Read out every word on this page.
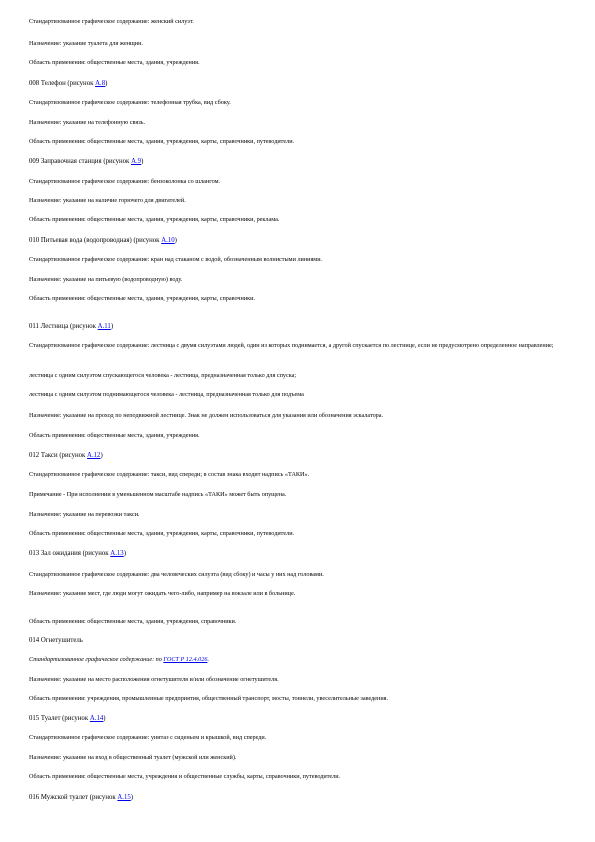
Стандартизованное графическое содержание: женский силуэт.
Назначение: указание туалета для женщин.
Область применения: общественные места, здания, учреждения.
008 Телефон (рисунок А.8)
Стандартизованное графическое содержание: телефонная трубка, вид сбоку.
Назначение: указание на телефонную связь.
Область применения: общественные места, здания, учреждения, карты, справочники, путеводители.
009 Заправочная станция (рисунок А.9)
Стандартизованное графическое содержание: бензоколонка со шлангом.
Назначение: указание на наличие горючего для двигателей.
Область применения: общественные места, здания, учреждения, карты, справочники, реклама.
010 Питьевая вода (водопроводная) (рисунок А.10)
Стандартизованное графическое содержание: кран над стаканом с водой, обозначенным волнистыми линиями.
Назначение: указание на питьевую (водопроводную) воду.
Область применения: общественные места, здания, учреждения, карты, справочники.
011 Лестница (рисунок А.11)
Стандартизованное графическое содержание: лестница с двумя силуэтами людей, один из которых поднимается, а другой спускается по лестнице, если не предусмотрено определенное направление;
лестница с одним силуэтом спускающегося человека - лестница, предназначенная только для спуска;
лестница с одним силуэтом поднимающегося человека - лестница, предназначенная только для подъема
Назначение: указание на проход по неподвижной лестнице. Знак не должен использоваться для указания или обозначения эскалатора.
Область применения: общественные места, здания, учреждения.
012 Такси (рисунок А.12)
Стандартизованное графическое содержание: такси, вид спереди; в состав знака входит надпись «ТАКИ».
Примечание - При исполнении в уменьшенном масштабе надпись «ТАКИ» может быть опущена.
Назначение: указание на перевозки такси.
Область применения: общественные места, здания, учреждения, карты, справочники, путеводители.
013 Зал ожидания (рисунок А.13)
Стандартизованное графическое содержание: два человеческих силуэта (вид сбоку) и часы у них над головами.
Назначение: указание мест, где люди могут ожидать чего-либо, например на вокзале или в больнице.
Область применения: общественные места, здания, учреждения, справочники.
014 Огнетушитель
Стандартизованное графическое содержание: по ГОСТ Р 12.4.026.
Назначение: указание на место расположения огнетушителя и/или обозначение огнетушителя.
Область применения: учреждения, промышленные предприятия, общественный транспорт, мосты, тоннели, увеселительные заведения.
015 Туалет (рисунок А.14)
Стандартизованное графическое содержание: унитаз с сиденьем и крышкой, вид спереди.
Назначение: указание на вход в общественный туалет (мужской или женский).
Область применения: общественные места, учреждения и общественные службы, карты, справочники, путеводители.
016 Мужской туалет (рисунок А.15)
